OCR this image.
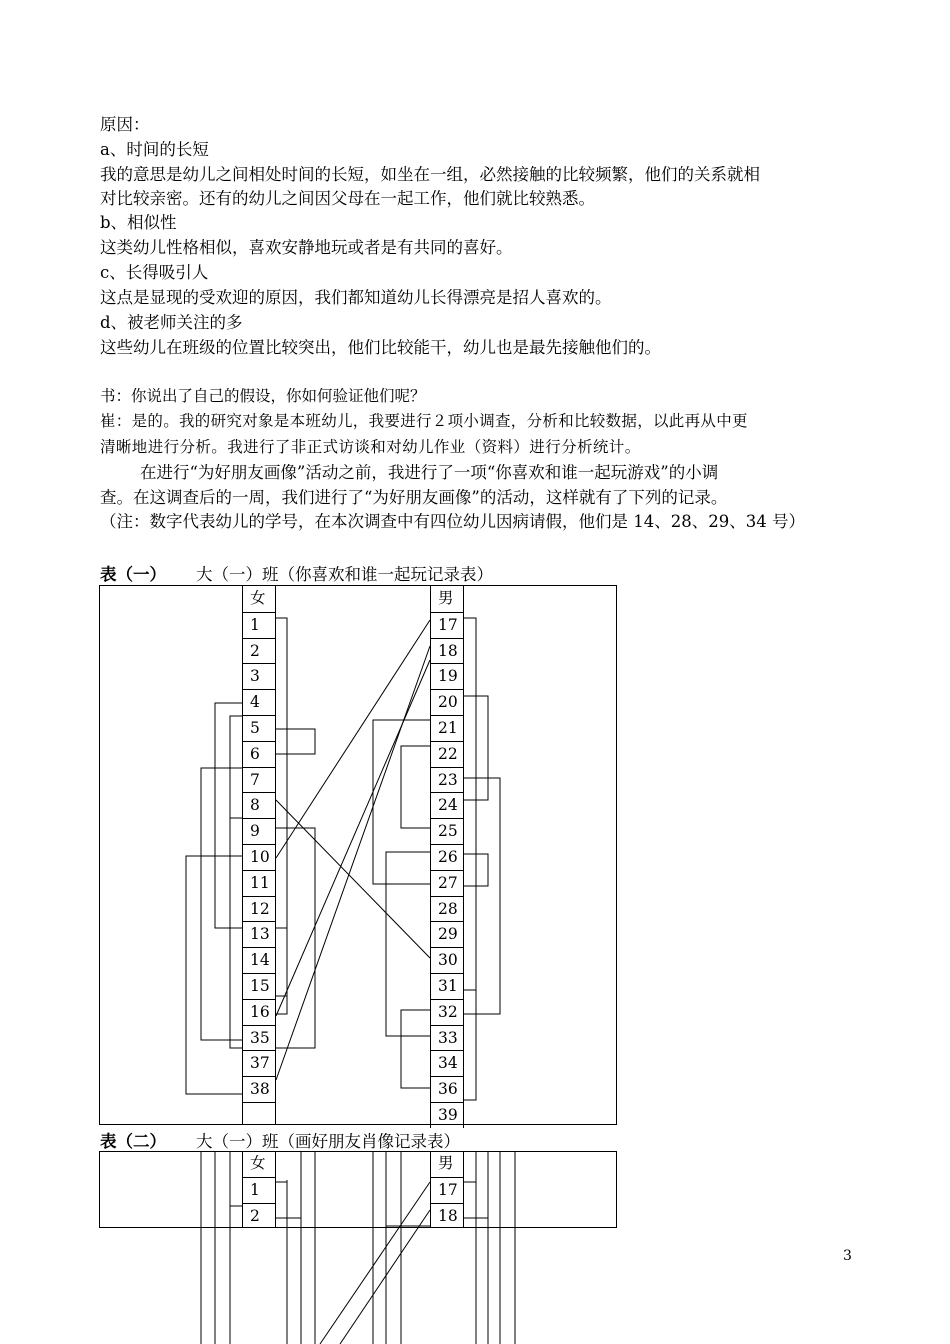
原因：
a、时间的长短
我的意思是幼儿之间相处时间的长短，如坐在一组，必然接触的比较频繁，他们的关系就相
对比较亲密。还有的幼儿之间因父母在一起工作，他们就比较熟悉。
b、相似性
这类幼儿性格相似，喜欢安静地玩或者是有共同的喜好。
c、长得吸引人
这点是显现的受欢迎的原因，我们都知道幼儿长得漂亮是招人喜欢的。
d、被老师关注的多
这些幼儿在班级的位置比较突出，他们比较能干，幼儿也是最先接触他们的。
书：你说出了自己的假设，你如何验证他们呢？
崔：是的。我的研究对象是本班幼儿，我要进行２项小调查，分析和比较数据，以此再从中更
清晰地进行分析。我进行了非正式访谈和对幼儿作业（资料）进行分析统计。
在进行“为好朋友画像”活动之前，我进行了一项“你喜欢和谁一起玩游戏”的小调
查。在这调查后的一周，我们进行了“为好朋友画像”的活动，这样就有了下列的记录。
（注：数字代表幼儿的学号，在本次调查中有四位幼儿因病请假，他们是 14、28、29、34 号）
表（一） 大（一）班（你喜欢和谁一起玩记录表）
女
1
2
3
4
5
6
7
8
9
10
11
12
13
14
15
16
35
37
38
男
17
18
19
20
21
22
23
24
25
26
27
28
29
30
31
32
33
34
36
39
表（二） 大（一）班（画好朋友肖像记录表）
女
1
2
男
17
18
3
